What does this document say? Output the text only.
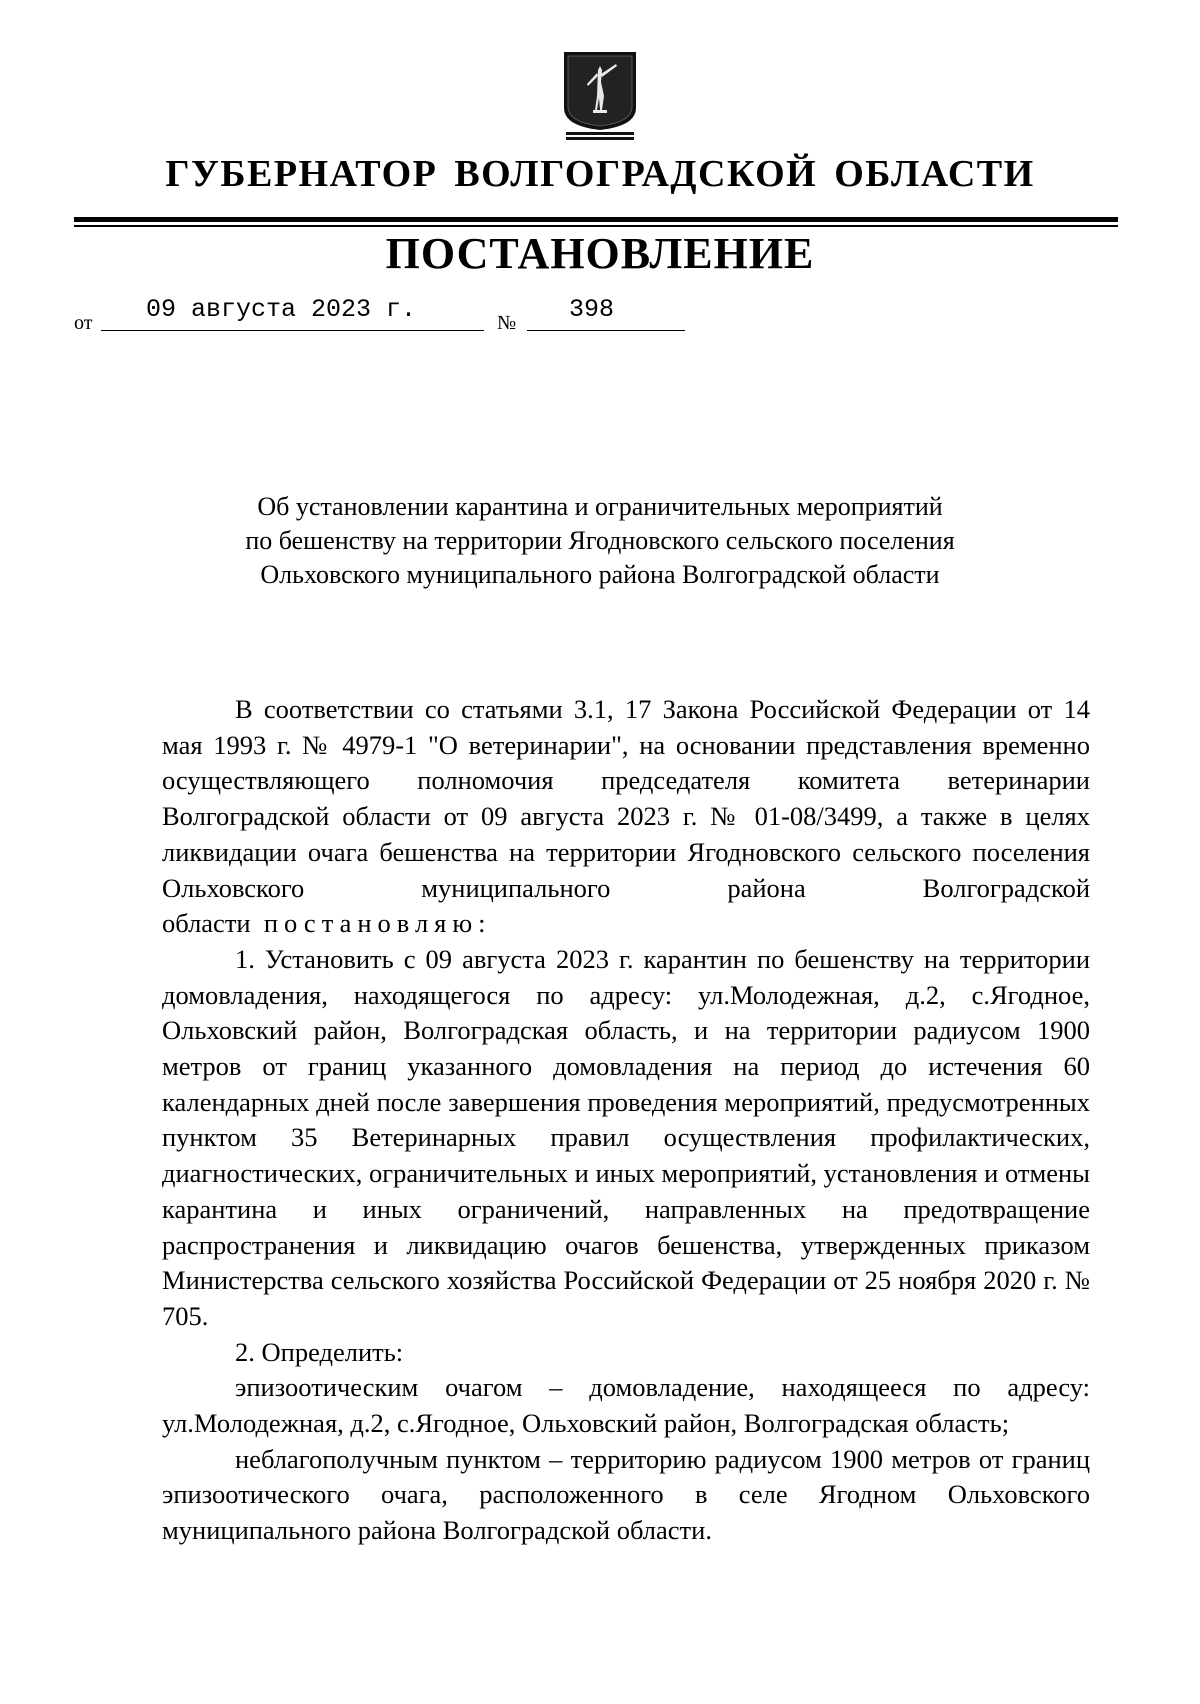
ГУБЕРНАТОР ВОЛГОГРАДСКОЙ ОБЛАСТИ
ПОСТАНОВЛЕНИЕ
от 09 августа 2023 г.	№ 398
Об установлении карантина и ограничительных мероприятий
по бешенству на территории Ягодновского сельского поселения
Ольховского муниципального района Волгоградской области

В соответствии со статьями 3.1, 17 Закона Российской Федерации от 14 мая 1993 г. № 4979-1 "О ветеринарии", на основании представления временно осуществляющего полномочия председателя комитета ветеринарии Волгоградской области от 09 августа 2023 г. № 01-08/3499, а также в целях ликвидации очага бешенства на территории Ягодновского сельского поселения Ольховского муниципального района Волгоградской области постановляю:

1. Установить с 09 августа 2023 г. карантин по бешенству на территории домовладения, находящегося по адресу: ул.Молодежная, д.2, с.Ягодное, Ольховский район, Волгоградская область, и на территории радиусом 1900 метров от границ указанного домовладения на период до истечения 60 календарных дней после завершения проведения мероприятий, предусмотренных пунктом 35 Ветеринарных правил осуществления профилактических, диагностических, ограничительных и иных мероприятий, установления и отмены карантина и иных ограничений, направленных на предотвращение распространения и ликвидацию очагов бешенства, утвержденных приказом Министерства сельского хозяйства Российской Федерации от 25 ноября 2020 г. № 705.

2. Определить:

эпизоотическим очагом – домовладение, находящееся по адресу: ул.Молодежная, д.2, с.Ягодное, Ольховский район, Волгоградская область;

неблагополучным пунктом – территорию радиусом 1900 метров от границ эпизоотического очага, расположенного в селе Ягодном Ольховского муниципального района Волгоградской области.
